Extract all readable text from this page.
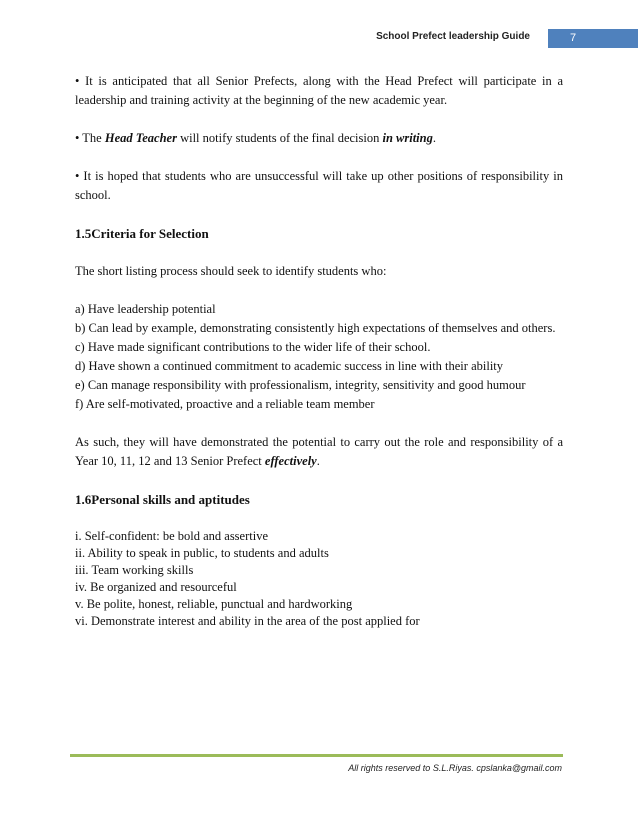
School Prefect leadership Guide	7

• It is anticipated that all Senior Prefects, along with the Head Prefect will participate in a leadership and training activity at the beginning of the new academic year.

• The Head Teacher will notify students of the final decision in writing.

• It is hoped that students who are unsuccessful will take up other positions of responsibility in school.

1.5Criteria for Selection

The short listing process should seek to identify students who:

a) Have leadership potential

b) Can lead by example, demonstrating consistently high expectations of themselves and others.

c) Have made significant contributions to the wider life of their school.

d) Have shown a continued commitment to academic success in line with their ability

e) Can manage responsibility with professionalism, integrity, sensitivity and good humour

f) Are self-motivated, proactive and a reliable team member

As such, they will have demonstrated the potential to carry out the role and responsibility of a Year 10, 11, 12 and 13 Senior Prefect effectively.

1.6Personal skills and aptitudes

i. Self-confident: be bold and assertive

ii. Ability to speak in public, to students and adults

iii. Team working skills

iv. Be organized and resourceful

v. Be polite, honest, reliable, punctual and hardworking

vi. Demonstrate interest and ability in the area of the post applied for

All rights reserved to S.L.Riyas. cpslanka@gmail.com
